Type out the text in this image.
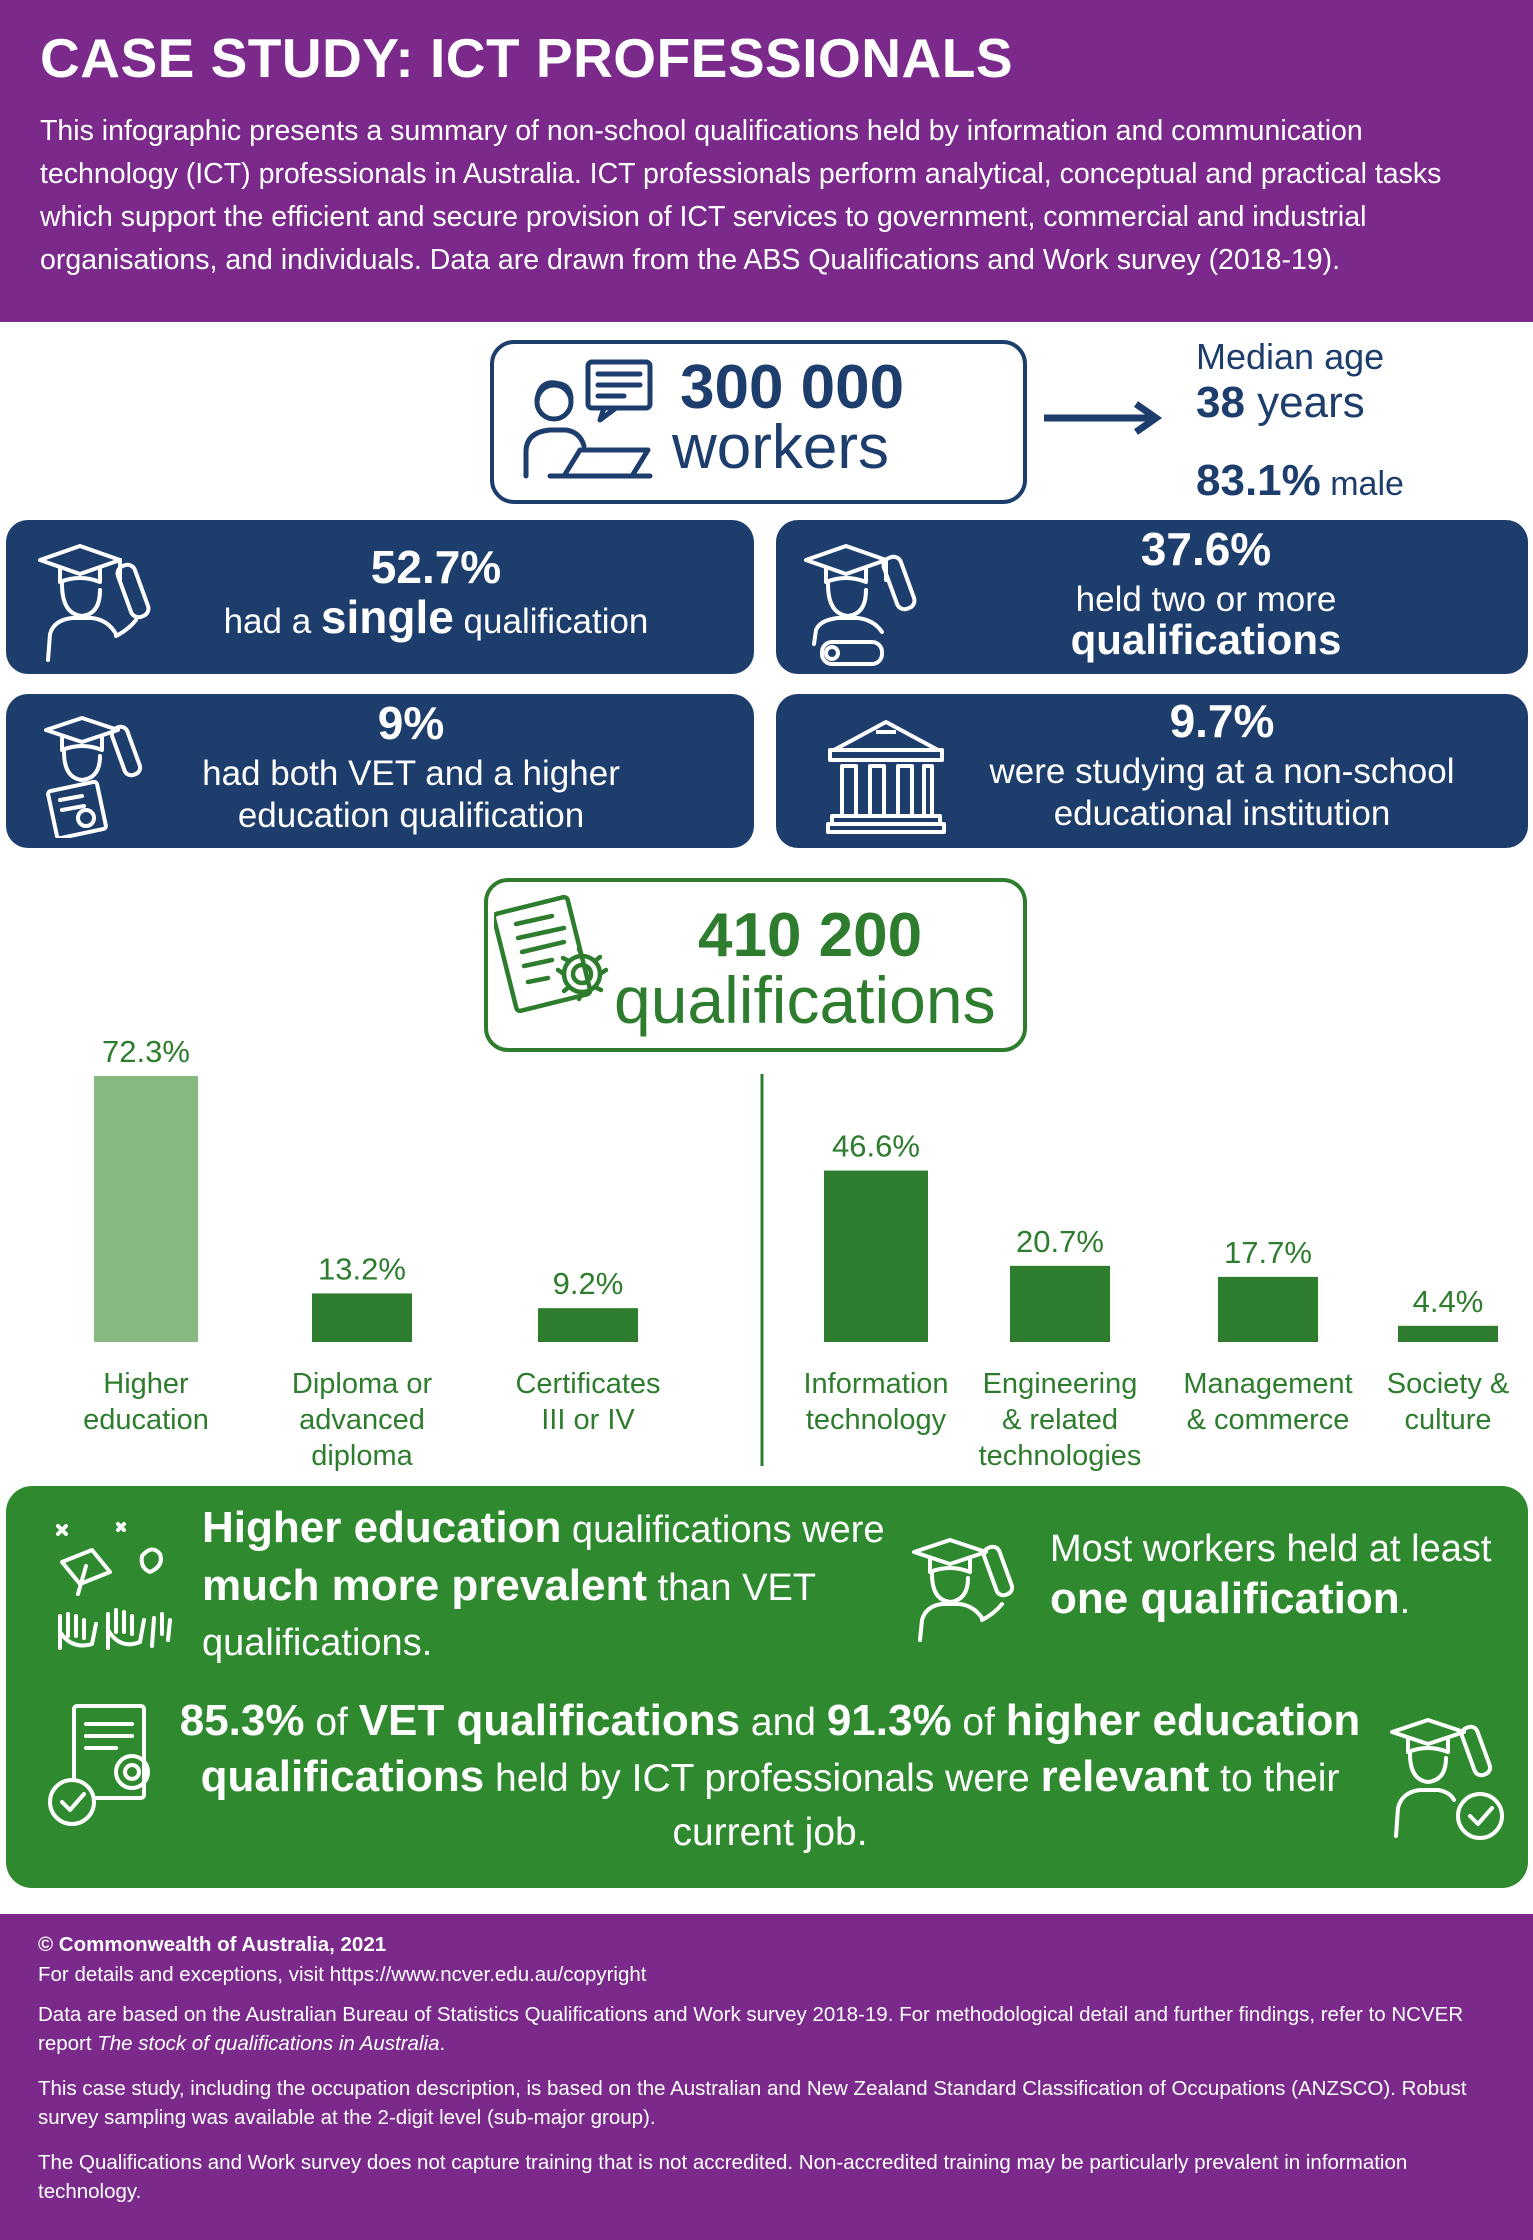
CASE STUDY: ICT PROFESSIONALS

This infographic presents a summary of non-school qualifications held by information and communication technology (ICT) professionals in Australia. ICT professionals perform analytical, conceptual and practical tasks which support the efficient and secure provision of ICT services to government, commercial and industrial organisations, and individuals. Data are drawn from the ABS Qualifications and Work survey (2018-19).

300 000
workers
Median age
38 years
83.1% male
52.7%
had a single qualification
37.6%
held two or more
qualifications
9%
had both VET and a higher
education qualification
9.7%
were studying at a non-school
educational institution
410 200
qualifications
72.3%
13.2%	9.2%
46.6%
20.7%	17.7%
4.4%
Higher
education
Diploma or
advanced
diploma
Certificates
III or IV
Information
technology
Engineering
& related
technologies
Management
& commerce
Society &
culture
Higher education qualifications were much more prevalent than VET qualifications.
Most workers held at least one qualification.
85.3% of VET qualifications and 91.3% of higher education qualifications held by ICT professionals were relevant to their current job.

© Commonwealth of Australia, 2021

For details and exceptions, visit https://www.ncver.edu.au/copyright

Data are based on the Australian Bureau of Statistics Qualifications and Work survey 2018-19. For methodological detail and further findings, refer to NCVER report The stock of qualifications in Australia.

This case study, including the occupation description, is based on the Australian and New Zealand Standard Classification of Occupations (ANZSCO). Robust survey sampling was available at the 2-digit level (sub-major group).

The Qualifications and Work survey does not capture training that is not accredited. Non-accredited training may be particularly prevalent in information technology.
